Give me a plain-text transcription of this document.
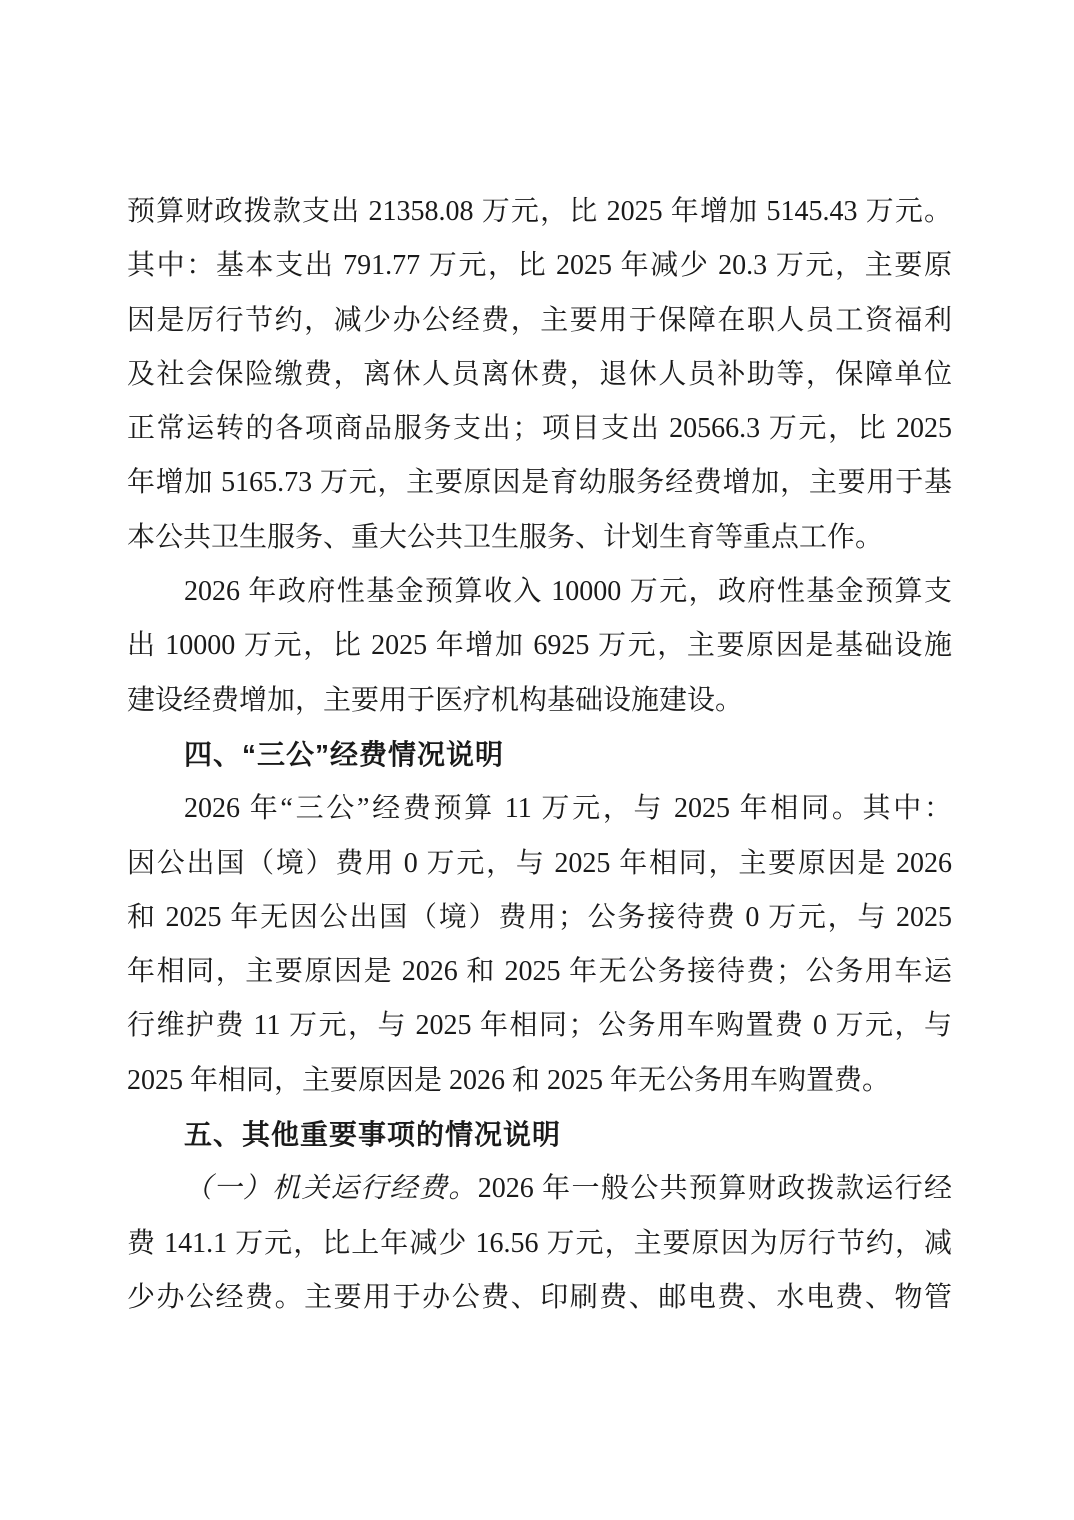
预算财政拨款支出 21358.08 万元，比 2025 年增加 5145.43 万元。
其中：基本支出 791.77 万元，比 2025 年减少 20.3 万元，主要原
因是厉行节约，减少办公经费，主要用于保障在职人员工资福利
及社会保险缴费，离休人员离休费，退休人员补助等，保障单位
正常运转的各项商品服务支出；项目支出 20566.3 万元，比 2025
年增加 5165.73 万元，主要原因是育幼服务经费增加，主要用于基
本公共卫生服务、重大公共卫生服务、计划生育等重点工作。
2026 年政府性基金预算收入 10000 万元，政府性基金预算支
出 10000 万元，比 2025 年增加 6925 万元，主要原因是基础设施
建设经费增加，主要用于医疗机构基础设施建设。
四、“三公”经费情况说明
2026 年“三公”经费预算 11 万元，与 2025 年相同。其中：
因公出国（境）费用 0 万元，与 2025 年相同，主要原因是 2026
和 2025 年无因公出国（境）费用；公务接待费 0 万元，与 2025
年相同，主要原因是 2026 和 2025 年无公务接待费；公务用车运
行维护费 11 万元，与 2025 年相同；公务用车购置费 0 万元，与
2025 年相同，主要原因是 2026 和 2025 年无公务用车购置费。
五、其他重要事项的情况说明
（一）机关运行经费。2026 年一般公共预算财政拨款运行经
费 141.1 万元，比上年减少 16.56 万元，主要原因为厉行节约，减
少办公经费。主要用于办公费、印刷费、邮电费、水电费、物管
